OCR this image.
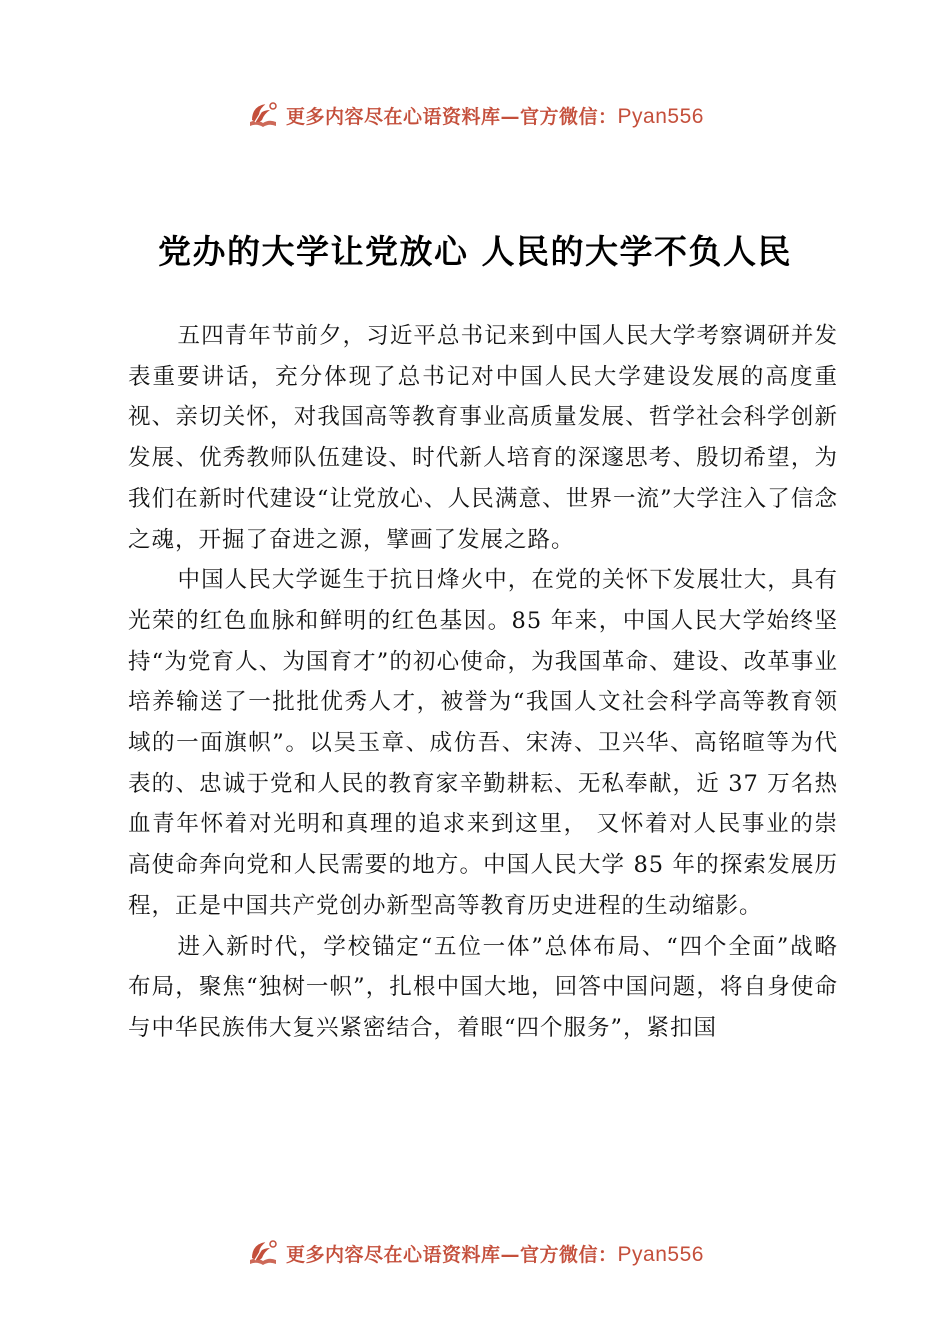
更多内容尽在心语资料库—官方微信：Pyan556
党办的大学让党放心 人民的大学不负人民

五四青年节前夕，习近平总书记来到中国人民大学考察调研并发表重要讲话，充分体现了总书记对中国人民大学建设发展的高度重视、亲切关怀，对我国高等教育事业高质量发展、哲学社会科学创新发展、优秀教师队伍建设、时代新人培育的深邃思考、殷切希望，为我们在新时代建设“让党放心、人民满意、世界一流”大学注入了信念之魂，开掘了奋进之源，擘画了发展之路。

中国人民大学诞生于抗日烽火中，在党的关怀下发展壮大，具有光荣的红色血脉和鲜明的红色基因。85 年来，中国人民大学始终坚持“为党育人、为国育才”的初心使命，为我国革命、建设、改革事业培养输送了一批批优秀人才，被誉为“我国人文社会科学高等教育领域的一面旗帜”。以吴玉章、成仿吾、宋涛、卫兴华、高铭暄等为代表的、忠诚于党和人民的教育家辛勤耕耘、无私奉献，近 37 万名热血青年怀着对光明和真理的追求来到这里， 又怀着对人民事业的崇高使命奔向党和人民需要的地方。中国人民大学 85 年的探索发展历程，正是中国共产党创办新型高等教育历史进程的生动缩影。

进入新时代，学校锚定“五位一体”总体布局、“四个全面”战略布局，聚焦“独树一帜”，扎根中国大地，回答中国问题，将自身使命与中华民族伟大复兴紧密结合，着眼“四个服务”，紧扣国

更多内容尽在心语资料库—官方微信：Pyan556
